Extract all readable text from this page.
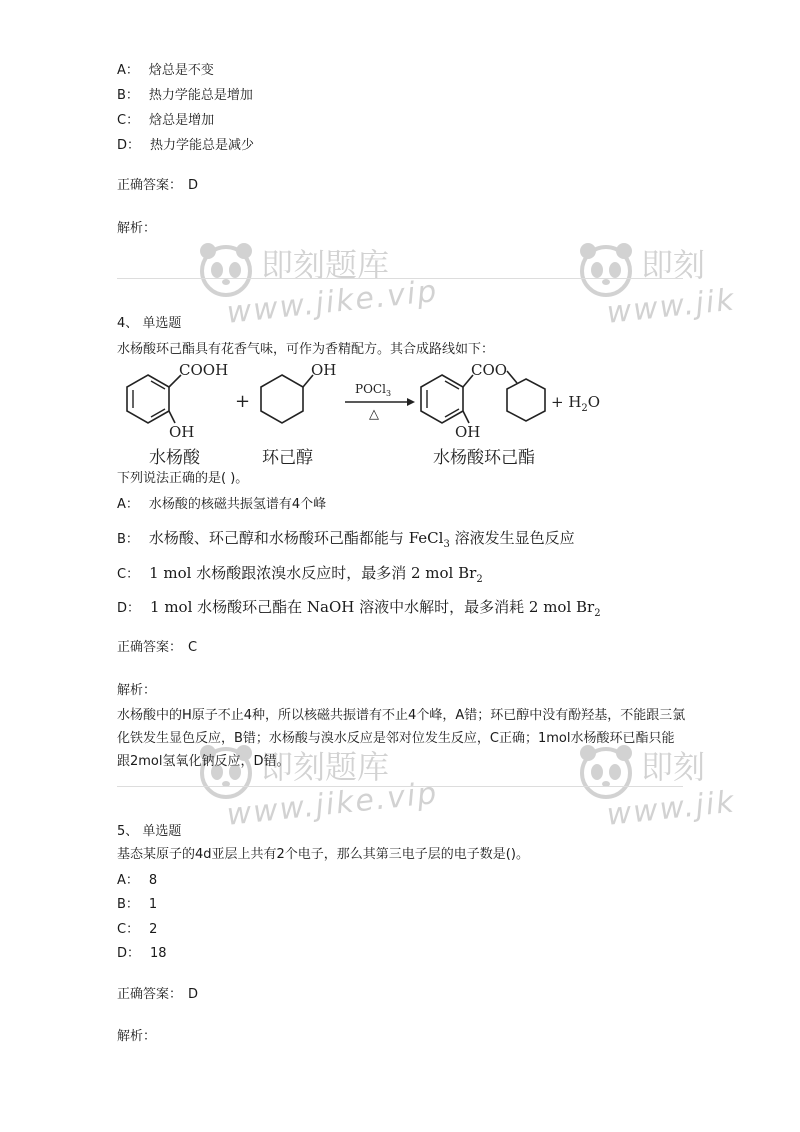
即刻题库
www.jike.vip
即刻
www.jik
即刻题库
www.jike.vip
即刻
www.jik
A： 焓总是不变
B： 热力学能总是增加
C： 焓总是增加
D： 热力学能总是减少
正确答案： D
解析：
4、 单选题
水杨酸环己酯具有花香气味，可作为香精配方。其合成路线如下：
COOH
OH
+
OH
POCl$_3$
△
COO
OH
+ $H_2O$
水杨酸	环己醇	水杨酸环己酯
下列说法正确的是( )。
A： 水杨酸的核磁共振氢谱有4个峰
B： 水杨酸、环己醇和水杨酸环己酯都能与 FeCl$_3$ 溶液发生显色反应
C： 1 mol 水杨酸跟浓溴水反应时，最多消 2 mol $Br_2$
D： 1 mol 水杨酸环己酯在 NaOH 溶液中水解时，最多消耗 2 mol $Br_2$
正确答案： C
解析：
水杨酸中的H原子不止4种，所以核磁共振谱有不止4个峰，A错；环已醇中没有酚羟基，不能跟三氯化铁发生显色反应，B错；水杨酸与溴水反应是邻对位发生反应，C正确；1mol水杨酸环已酯只能跟2mol氢氧化钠反应，D错。
5、 单选题
基态某原子的4d亚层上共有2个电子，那么其第三电子层的电子数是()。
A： 8
B： 1
C： 2
D： 18
正确答案： D
解析：
